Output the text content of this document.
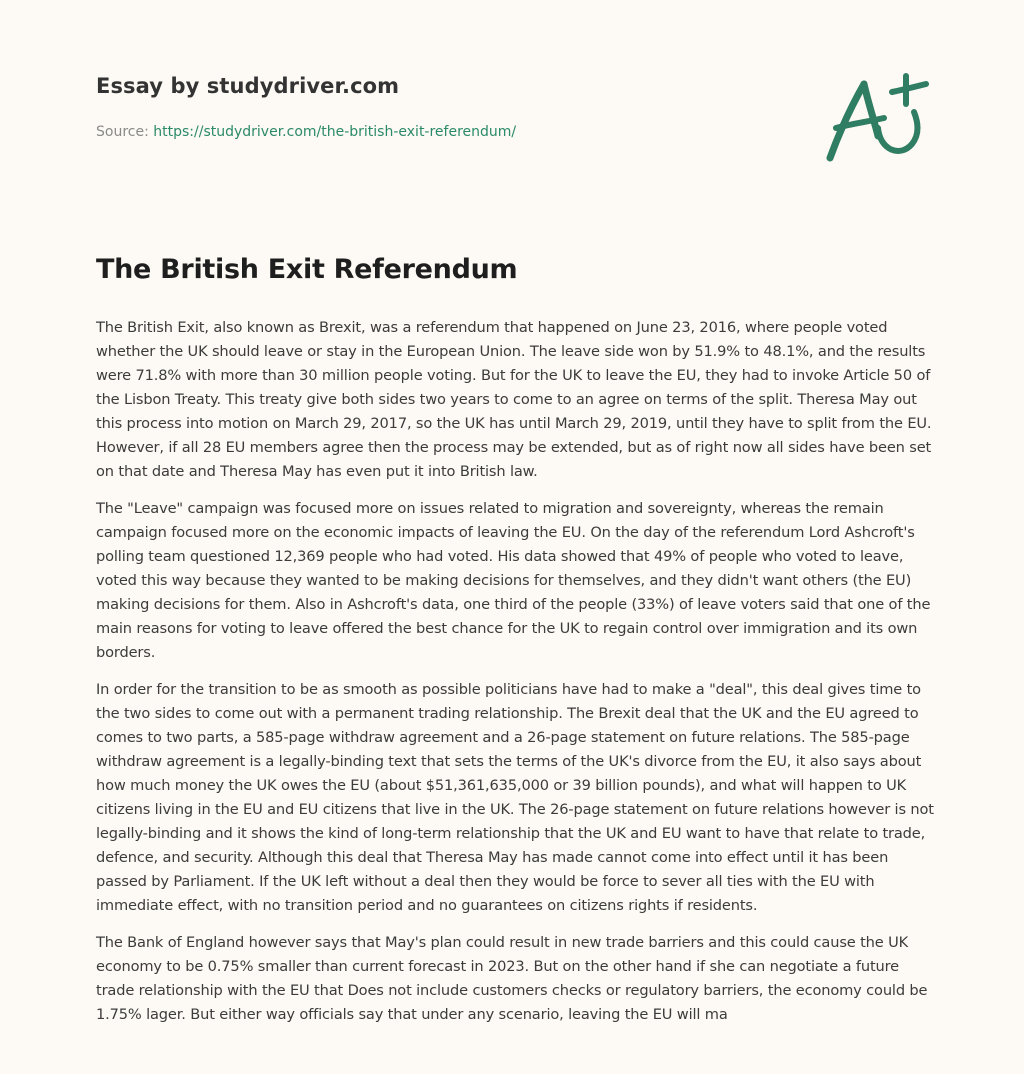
Essay by studydriver.com
Source: https://studydriver.com/the-british-exit-referendum/
The British Exit Referendum

The British Exit, also known as Brexit, was a referendum that happened on June 23, 2016, where people voted whether the UK should leave or stay in the European Union. The leave side won by 51.9% to 48.1%, and the results were 71.8% with more than 30 million people voting. But for the UK to leave the EU, they had to invoke Article 50 of the Lisbon Treaty. This treaty give both sides two years to come to an agree on terms of the split. Theresa May out this process into motion on March 29, 2017, so the UK has until March 29, 2019, until they have to split from the EU. However, if all 28 EU members agree then the process may be extended, but as of right now all sides have been set on that date and Theresa May has even put it into British law.

The "Leave" campaign was focused more on issues related to migration and sovereignty, whereas the remain campaign focused more on the economic impacts of leaving the EU. On the day of the referendum Lord Ashcroft's polling team questioned 12,369 people who had voted. His data showed that 49% of people who voted to leave, voted this way because they wanted to be making decisions for themselves, and they didn't want others (the EU) making decisions for them. Also in Ashcroft's data, one third of the people (33%) of leave voters said that one of the main reasons for voting to leave offered the best chance for the UK to regain control over immigration and its own borders.

In order for the transition to be as smooth as possible politicians have had to make a "deal", this deal gives time to the two sides to come out with a permanent trading relationship. The Brexit deal that the UK and the EU agreed to comes to two parts, a 585-page withdraw agreement and a 26-page statement on future relations. The 585-page withdraw agreement is a legally-binding text that sets the terms of the UK's divorce from the EU, it also says about how much money the UK owes the EU (about $51,361,635,000 or 39 billion pounds), and what will happen to UK citizens living in the EU and EU citizens that live in the UK. The 26-page statement on future relations however is not legally-binding and it shows the kind of long-term relationship that the UK and EU want to have that relate to trade, defence, and security. Although this deal that Theresa May has made cannot come into effect until it has been passed by Parliament. If the UK left without a deal then they would be force to sever all ties with the EU with immediate effect, with no transition period and no guarantees on citizens rights if residents.

The Bank of England however says that May's plan could result in new trade barriers and this could cause the UK economy to be 0.75% smaller than current forecast in 2023. But on the other hand if she can negotiate a future trade relationship with the EU that Does not include customers checks or regulatory barriers, the economy could be 1.75% lager. But either way officials say that under any scenario, leaving the EU will ma
